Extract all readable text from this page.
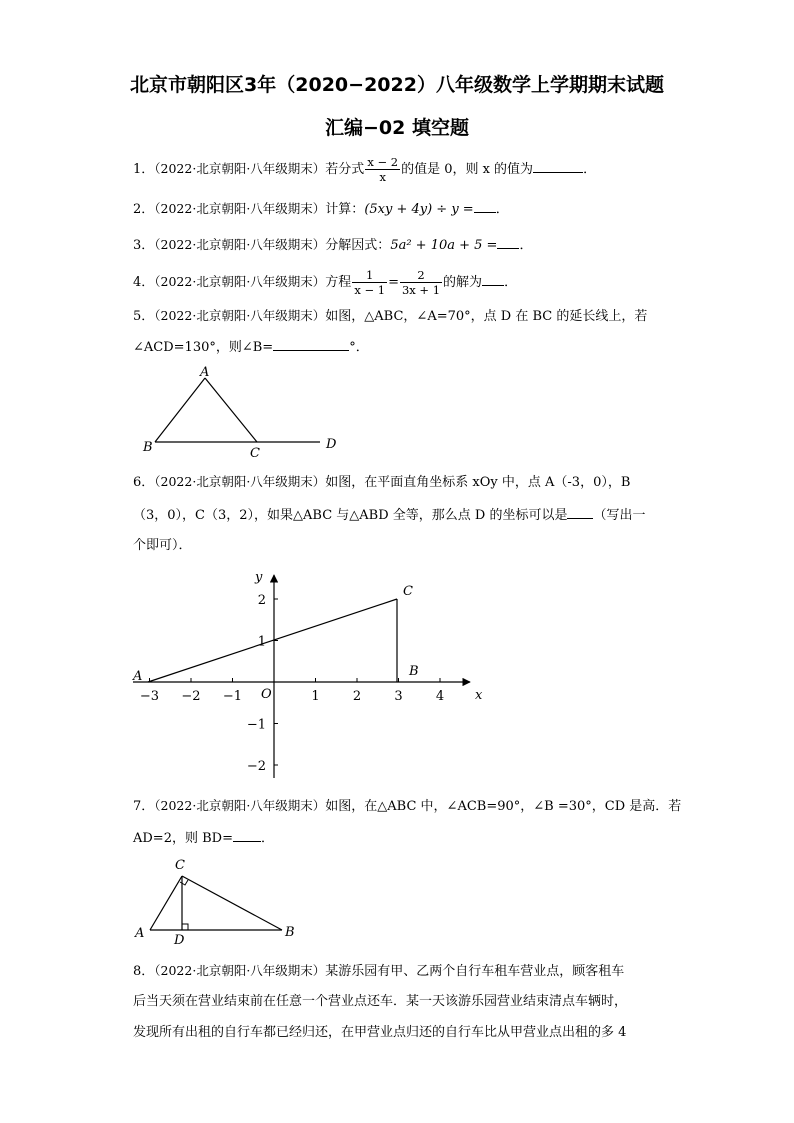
北京市朝阳区3年（2020−2022）八年级数学上学期期末试题
汇编−02 填空题
1．（2022·北京朝阳·八年级期末）若分式 $\frac{x - 2}{x}$ 的值是 0，则 x 的值为	．
2．（2022·北京朝阳·八年级期末）计算：(5xy + 4y) ÷ y = ．
3．（2022·北京朝阳·八年级期末）分解因式：5a² + 10a + 5 = ．
4．（2022·北京朝阳·八年级期末）方程 $\frac{1}{x - 1} = \frac{2}{3x + 1}$ 的解为 ．
5．（2022·北京朝阳·八年级期末）如图，△ABC，∠A=70°，点 D 在 BC 的延长线上，若
∠ACD=130°，则∠B=	°．
A
B	C
D
6．（2022·北京朝阳·八年级期末）如图，在平面直角坐标系 xOy 中，点 A（-3，0），B
（3，0），C（3，2），如果△ABC 与△ABD 全等，那么点 D 的坐标可以是 （写出一
个即可）．
−3 −2 −1	1	2	3	4
2
1
−1
−2
A	B
C
x
y
O
7．（2022·北京朝阳·八年级期末）如图，在△ABC 中，∠ACB=90°，∠B =30°，CD 是高．若
AD=2，则 BD= ．
C
A	B
D
8．（2022·北京朝阳·八年级期末）某游乐园有甲、乙两个自行车租车营业点，顾客租车
后当天须在营业结束前在任意一个营业点还车．某一天该游乐园营业结束清点车辆时，
发现所有出租的自行车都已经归还，在甲营业点归还的自行车比从甲营业点出租的多 4
